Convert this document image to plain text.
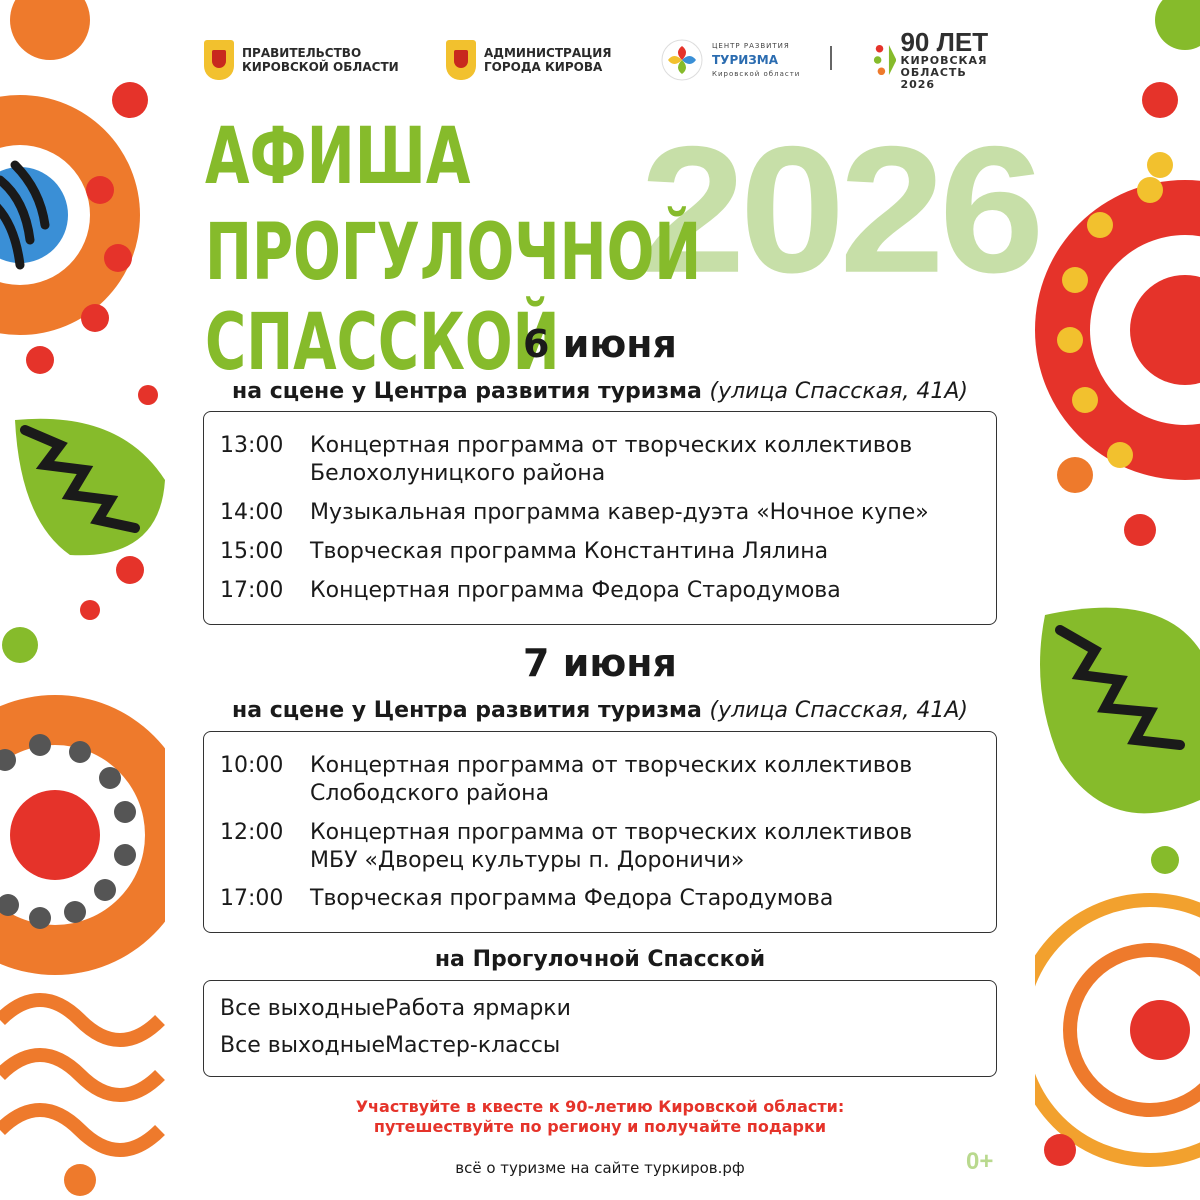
ПРАВИТЕЛЬСТВО
КИРОВСКОЙ ОБЛАСТИ
АДМИНИСТРАЦИЯ
ГОРОДА КИРОВА
ЦЕНТР РАЗВИТИЯ
ТУРИЗМА
Кировской области
90 ЛЕТ
КИРОВСКАЯ
ОБЛАСТЬ 2026
2026
АФИША
ПРОГУЛОЧНОЙ СПАССКОЙ
6 июня
на сцене у Центра развития туризма (улица Спасская, 41А)
13:00	Концертная программа от творческих коллективов
Белохолуницкого района
14:00	Музыкальная программа кавер-дуэта «Ночное купе»
15:00	Творческая программа Константина Лялина
17:00	Концертная программа Федора Стародумова
7 июня
на сцене у Центра развития туризма (улица Спасская, 41А)
10:00	Концертная программа от творческих коллективов
Слободского района
12:00	Концертная программа от творческих коллективов
МБУ «Дворец культуры п. Дороничи»
17:00	Творческая программа Федора Стародумова
на Прогулочной Спасской
Все выходные Работа ярмарки
Все выходные Мастер-классы
Участвуйте в квесте к 90-летию Кировской области:
путешествуйте по региону и получайте подарки
всё о туризме на сайте туркиров.рф	0+
